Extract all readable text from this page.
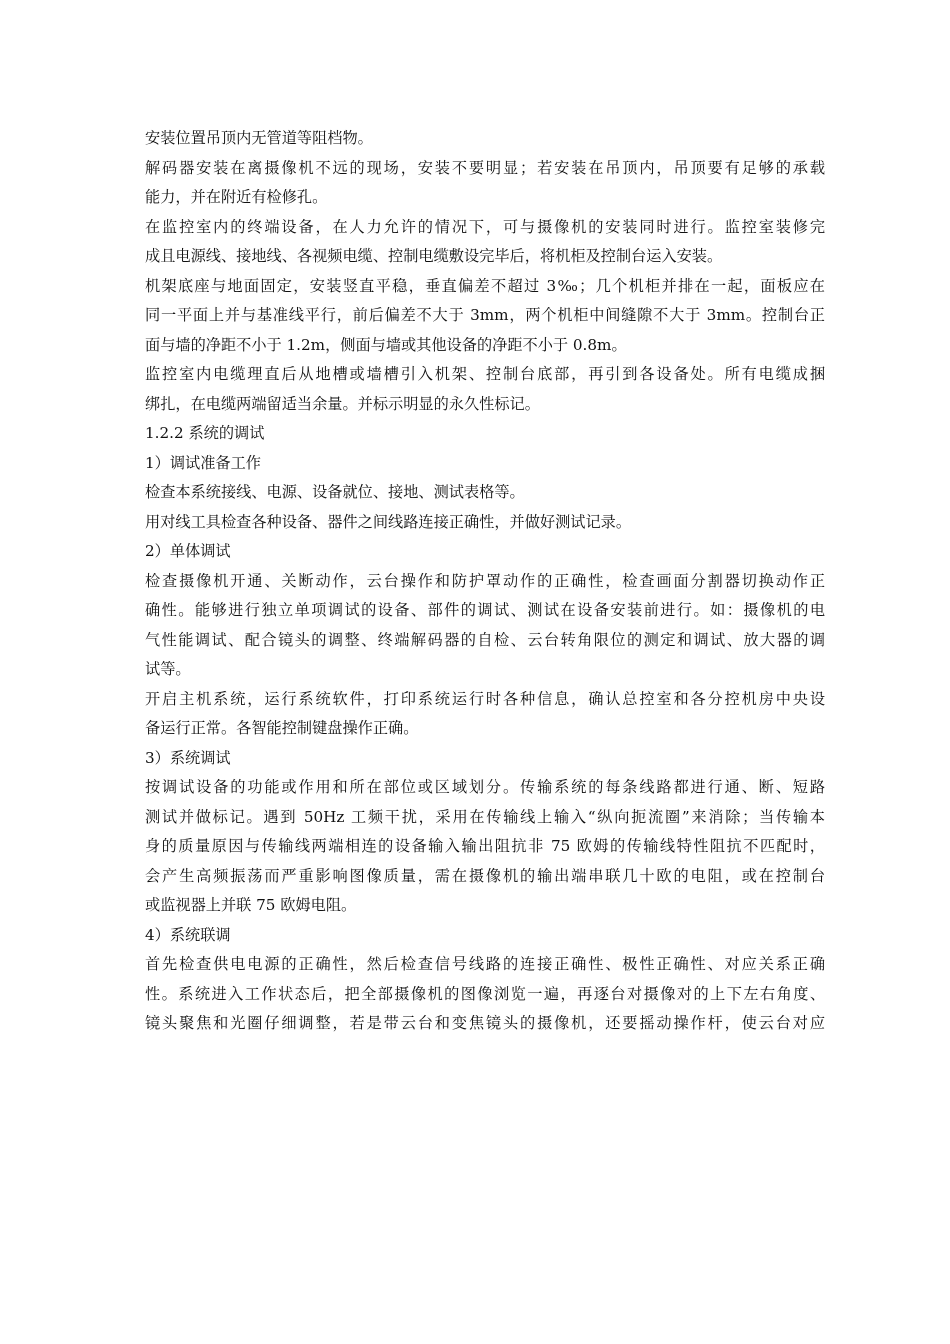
安装位置吊顶内无管道等阻档物。
解码器安装在离摄像机不远的现场，安装不要明显；若安装在吊顶内，吊顶要有足够的承载
能力，并在附近有检修孔。
在监控室内的终端设备，在人力允许的情况下，可与摄像机的安装同时进行。监控室装修完
成且电源线、接地线、各视频电缆、控制电缆敷设完毕后，将机柜及控制台运入安装。
机架底座与地面固定，安装竖直平稳，垂直偏差不超过 3‰；几个机柜并排在一起，面板应在
同一平面上并与基准线平行，前后偏差不大于 3mm，两个机柜中间缝隙不大于 3mm。控制台正
面与墙的净距不小于 1.2m，侧面与墙或其他设备的净距不小于 0.8m。
监控室内电缆理直后从地槽或墙槽引入机架、控制台底部，再引到各设备处。所有电缆成捆
绑扎，在电缆两端留适当余量。并标示明显的永久性标记。
1.2.2 系统的调试
1）调试准备工作
检查本系统接线、电源、设备就位、接地、测试表格等。
用对线工具检查各种设备、器件之间线路连接正确性，并做好测试记录。
2）单体调试
检查摄像机开通、关断动作，云台操作和防护罩动作的正确性，检查画面分割器切换动作正
确性。能够进行独立单项调试的设备、部件的调试、测试在设备安装前进行。如：摄像机的电
气性能调试、配合镜头的调整、终端解码器的自检、云台转角限位的测定和调试、放大器的调
试等。
开启主机系统，运行系统软件，打印系统运行时各种信息，确认总控室和各分控机房中央设
备运行正常。各智能控制键盘操作正确。
3）系统调试
按调试设备的功能或作用和所在部位或区域划分。传输系统的每条线路都进行通、断、短路
测试并做标记。遇到 50Hz 工频干扰，采用在传输线上输入“纵向扼流圈”来消除；当传输本
身的质量原因与传输线两端相连的设备输入输出阻抗非 75 欧姆的传输线特性阻抗不匹配时，
会产生高频振荡而严重影响图像质量，需在摄像机的输出端串联几十欧的电阻，或在控制台
或监视器上并联 75 欧姆电阻。
4）系统联调
首先检查供电电源的正确性，然后检查信号线路的连接正确性、极性正确性、对应关系正确
性。系统进入工作状态后，把全部摄像机的图像浏览一遍，再逐台对摄像对的上下左右角度、
镜头聚焦和光圈仔细调整，若是带云台和变焦镜头的摄像机，还要摇动操作杆，使云台对应
